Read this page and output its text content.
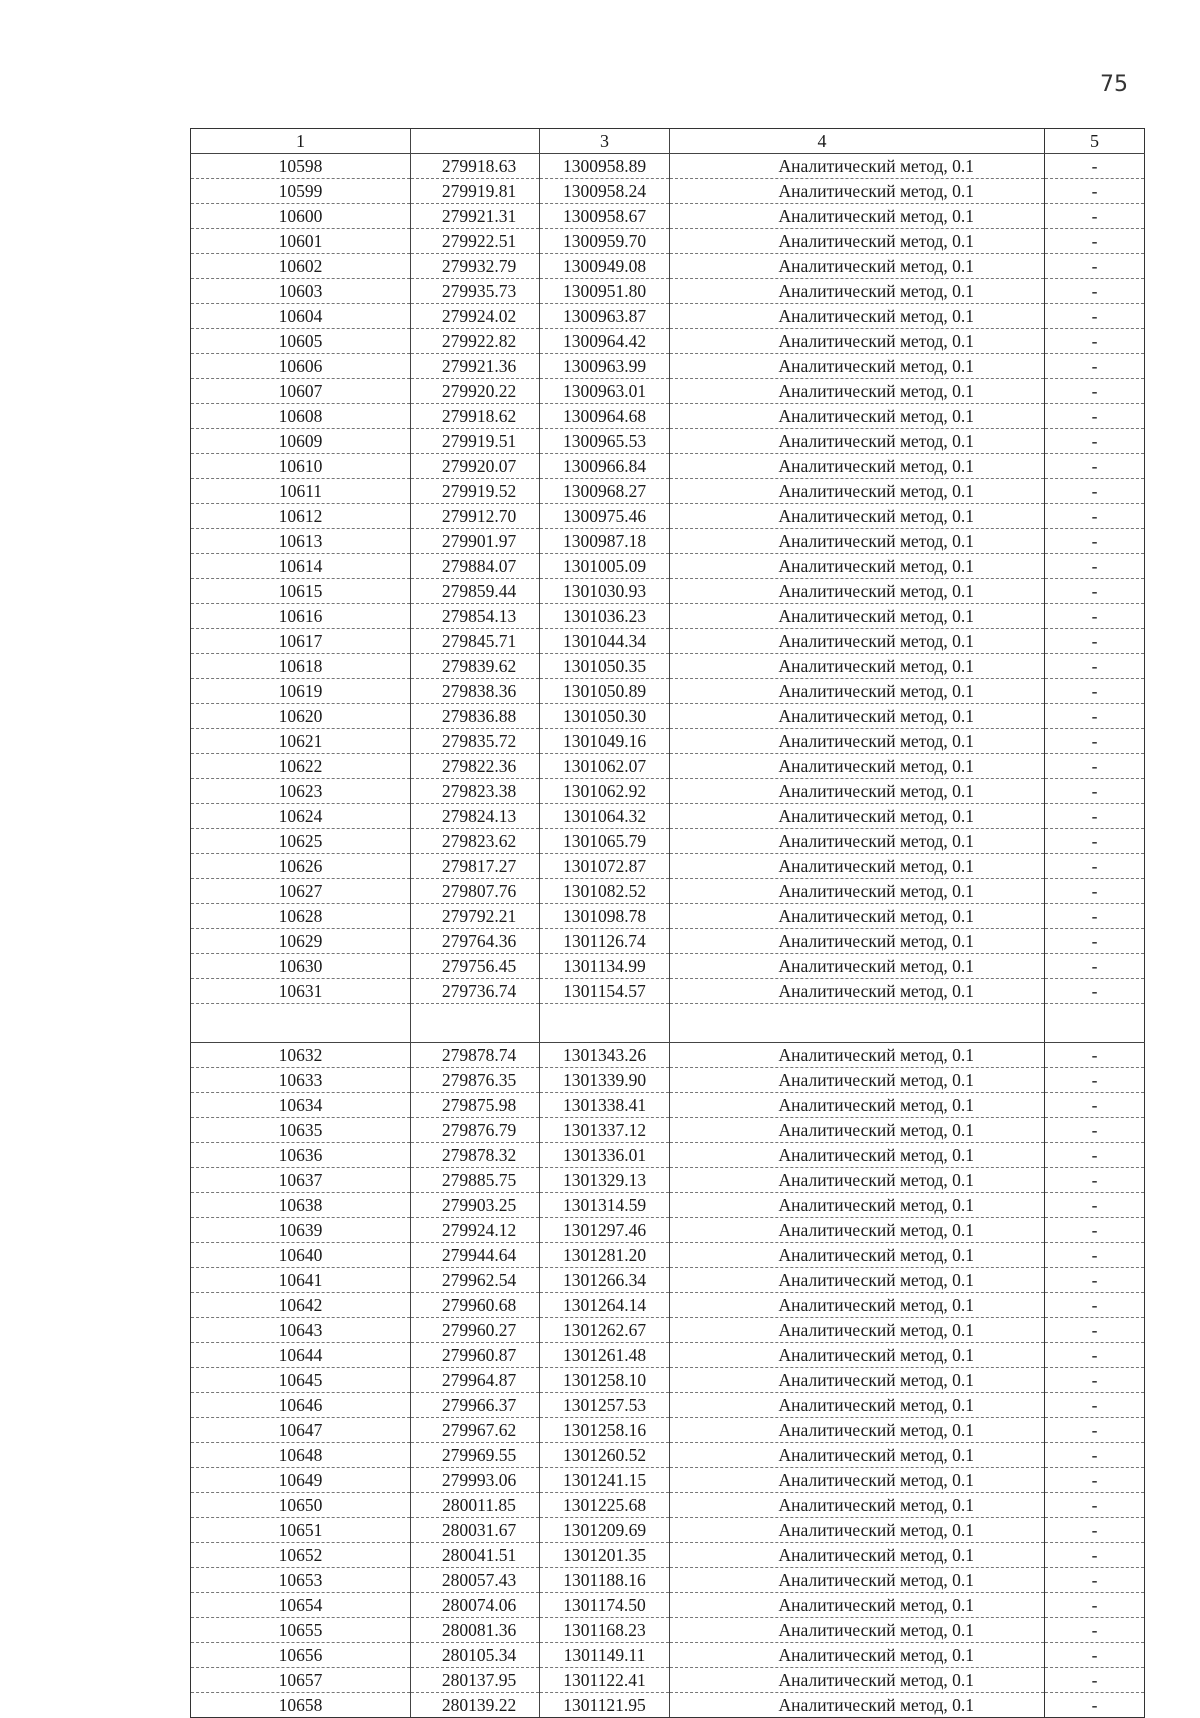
75
1		3	4	5
10598	279918.63	1300958.89	Аналитический метод, 0.1	-
10599	279919.81	1300958.24	Аналитический метод, 0.1	-
10600	279921.31	1300958.67	Аналитический метод, 0.1	-
10601	279922.51	1300959.70	Аналитический метод, 0.1	-
10602	279932.79	1300949.08	Аналитический метод, 0.1	-
10603	279935.73	1300951.80	Аналитический метод, 0.1	-
10604	279924.02	1300963.87	Аналитический метод, 0.1	-
10605	279922.82	1300964.42	Аналитический метод, 0.1	-
10606	279921.36	1300963.99	Аналитический метод, 0.1	-
10607	279920.22	1300963.01	Аналитический метод, 0.1	-
10608	279918.62	1300964.68	Аналитический метод, 0.1	-
10609	279919.51	1300965.53	Аналитический метод, 0.1	-
10610	279920.07	1300966.84	Аналитический метод, 0.1	-
10611	279919.52	1300968.27	Аналитический метод, 0.1	-
10612	279912.70	1300975.46	Аналитический метод, 0.1	-
10613	279901.97	1300987.18	Аналитический метод, 0.1	-
10614	279884.07	1301005.09	Аналитический метод, 0.1	-
10615	279859.44	1301030.93	Аналитический метод, 0.1	-
10616	279854.13	1301036.23	Аналитический метод, 0.1	-
10617	279845.71	1301044.34	Аналитический метод, 0.1	-
10618	279839.62	1301050.35	Аналитический метод, 0.1	-
10619	279838.36	1301050.89	Аналитический метод, 0.1	-
10620	279836.88	1301050.30	Аналитический метод, 0.1	-
10621	279835.72	1301049.16	Аналитический метод, 0.1	-
10622	279822.36	1301062.07	Аналитический метод, 0.1	-
10623	279823.38	1301062.92	Аналитический метод, 0.1	-
10624	279824.13	1301064.32	Аналитический метод, 0.1	-
10625	279823.62	1301065.79	Аналитический метод, 0.1	-
10626	279817.27	1301072.87	Аналитический метод, 0.1	-
10627	279807.76	1301082.52	Аналитический метод, 0.1	-
10628	279792.21	1301098.78	Аналитический метод, 0.1	-
10629	279764.36	1301126.74	Аналитический метод, 0.1	-
10630	279756.45	1301134.99	Аналитический метод, 0.1	-
10631	279736.74	1301154.57	Аналитический метод, 0.1	-

10632	279878.74	1301343.26	Аналитический метод, 0.1	-
10633	279876.35	1301339.90	Аналитический метод, 0.1	-
10634	279875.98	1301338.41	Аналитический метод, 0.1	-
10635	279876.79	1301337.12	Аналитический метод, 0.1	-
10636	279878.32	1301336.01	Аналитический метод, 0.1	-
10637	279885.75	1301329.13	Аналитический метод, 0.1	-
10638	279903.25	1301314.59	Аналитический метод, 0.1	-
10639	279924.12	1301297.46	Аналитический метод, 0.1	-
10640	279944.64	1301281.20	Аналитический метод, 0.1	-
10641	279962.54	1301266.34	Аналитический метод, 0.1	-
10642	279960.68	1301264.14	Аналитический метод, 0.1	-
10643	279960.27	1301262.67	Аналитический метод, 0.1	-
10644	279960.87	1301261.48	Аналитический метод, 0.1	-
10645	279964.87	1301258.10	Аналитический метод, 0.1	-
10646	279966.37	1301257.53	Аналитический метод, 0.1	-
10647	279967.62	1301258.16	Аналитический метод, 0.1	-
10648	279969.55	1301260.52	Аналитический метод, 0.1	-
10649	279993.06	1301241.15	Аналитический метод, 0.1	-
10650	280011.85	1301225.68	Аналитический метод, 0.1	-
10651	280031.67	1301209.69	Аналитический метод, 0.1	-
10652	280041.51	1301201.35	Аналитический метод, 0.1	-
10653	280057.43	1301188.16	Аналитический метод, 0.1	-
10654	280074.06	1301174.50	Аналитический метод, 0.1	-
10655	280081.36	1301168.23	Аналитический метод, 0.1	-
10656	280105.34	1301149.11	Аналитический метод, 0.1	-
10657	280137.95	1301122.41	Аналитический метод, 0.1	-
10658	280139.22	1301121.95	Аналитический метод, 0.1	-
